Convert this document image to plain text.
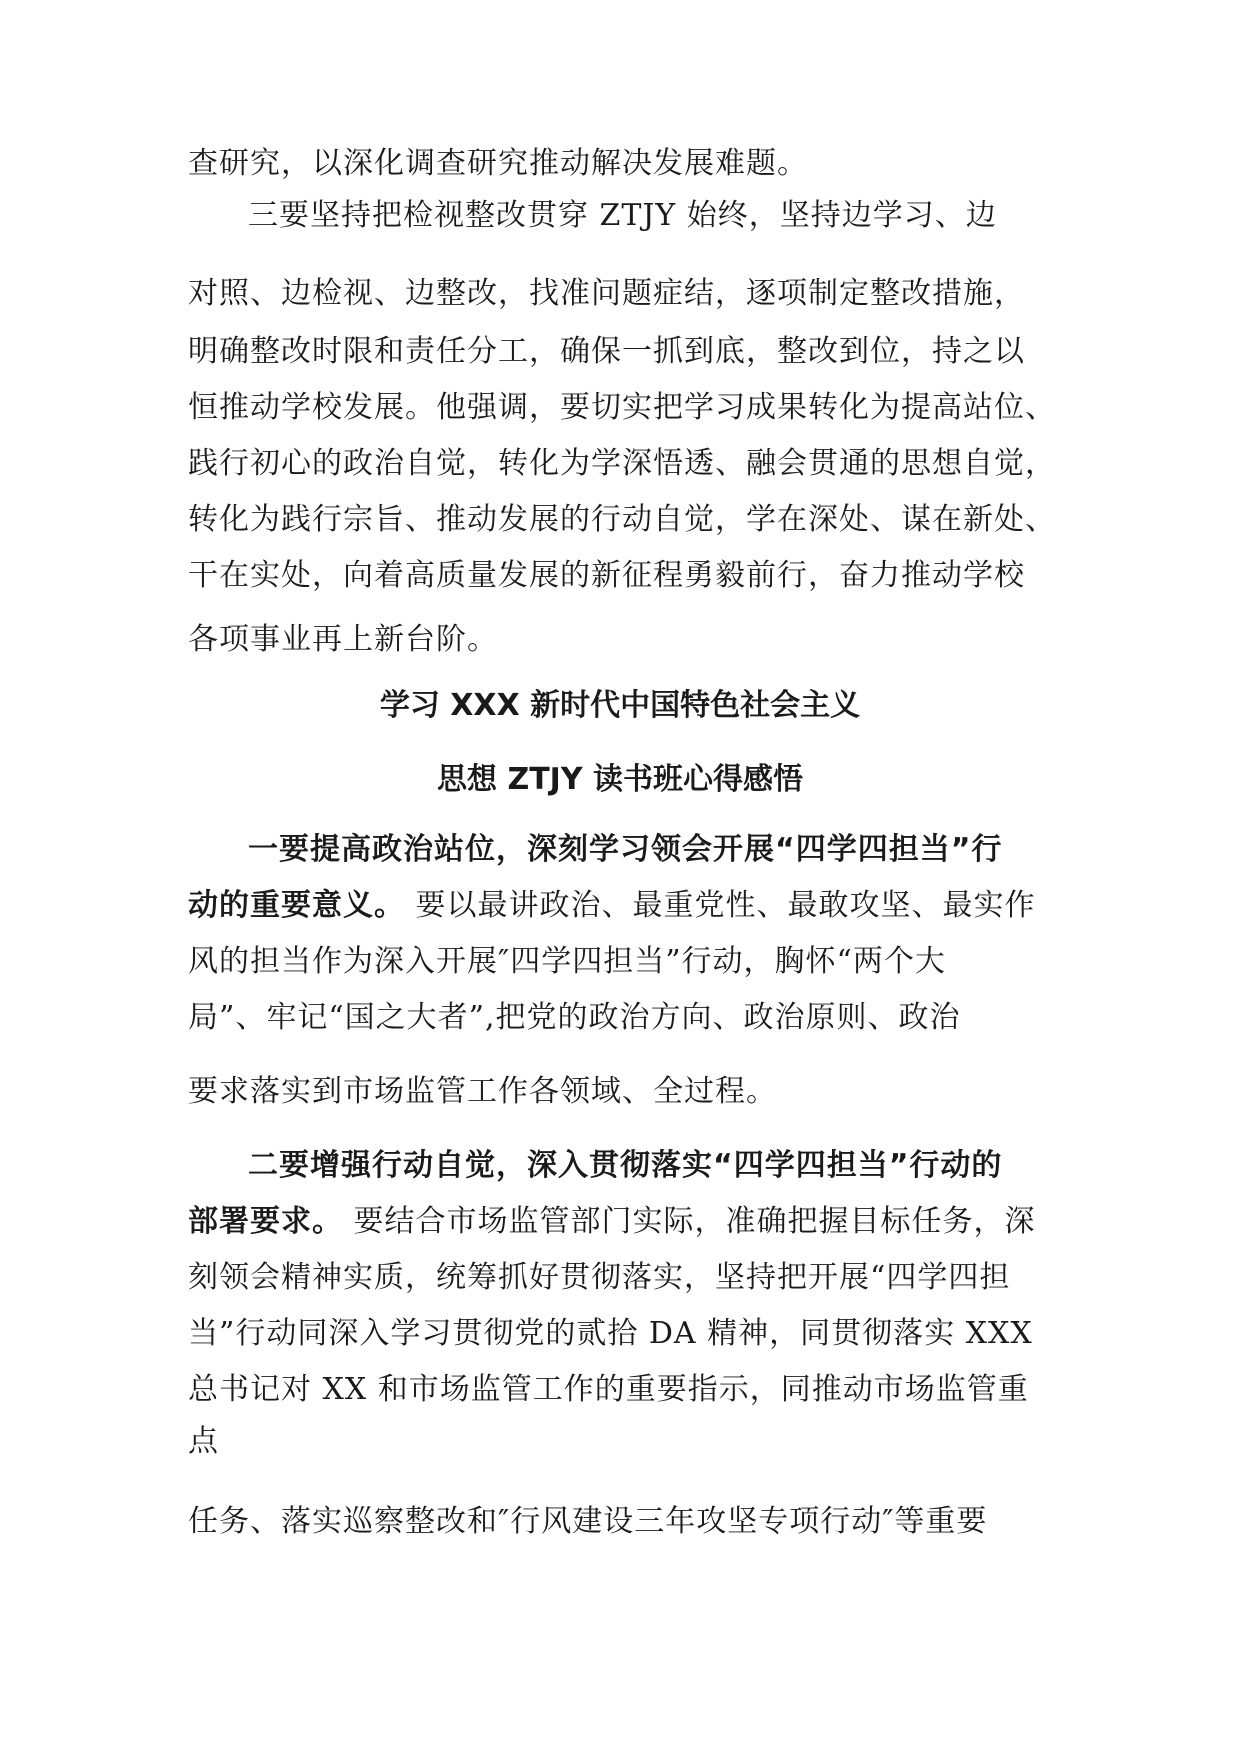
查研究，以深化调查研究推动解决发展难题。
三要坚持把检视整改贯穿 ZTJY 始终，坚持边学习、边
对照、边检视、边整改，找准问题症结，逐项制定整改措施，
明确整改时限和责任分工，确保一抓到底，整改到位，持之以
恒推动学校发展。他强调，要切实把学习成果转化为提高站位、
践行初心的政治自觉，转化为学深悟透、融会贯通的思想自觉，
转化为践行宗旨、推动发展的行动自觉，学在深处、谋在新处、
干在实处，向着高质量发展的新征程勇毅前行，奋力推动学校
各项事业再上新台阶。
学习 XXX 新时代中国特色社会主义
思想 ZTJY 读书班心得感悟
一要提高政治站位，深刻学习领会开展“四学四担当”行
动的重要意义。 要以最讲政治、最重党性、最敢攻坚、最实作
风的担当作为深入开展″四学四担当”行动，胸怀“两个大
局”、牢记“国之大者”,把党的政治方向、政治原则、政治
要求落实到市场监管工作各领域、全过程。
二要增强行动自觉，深入贯彻落实“四学四担当”行动的
部署要求。 要结合市场监管部门实际，准确把握目标任务，深
刻领会精神实质，统筹抓好贯彻落实，坚持把开展“四学四担
当”行动同深入学习贯彻党的贰拾 DA 精神，同贯彻落实 XXX
总书记对 XX 和市场监管工作的重要指示，同推动市场监管重
点
任务、落实巡察整改和″行风建设三年攻坚专项行动″等重要
